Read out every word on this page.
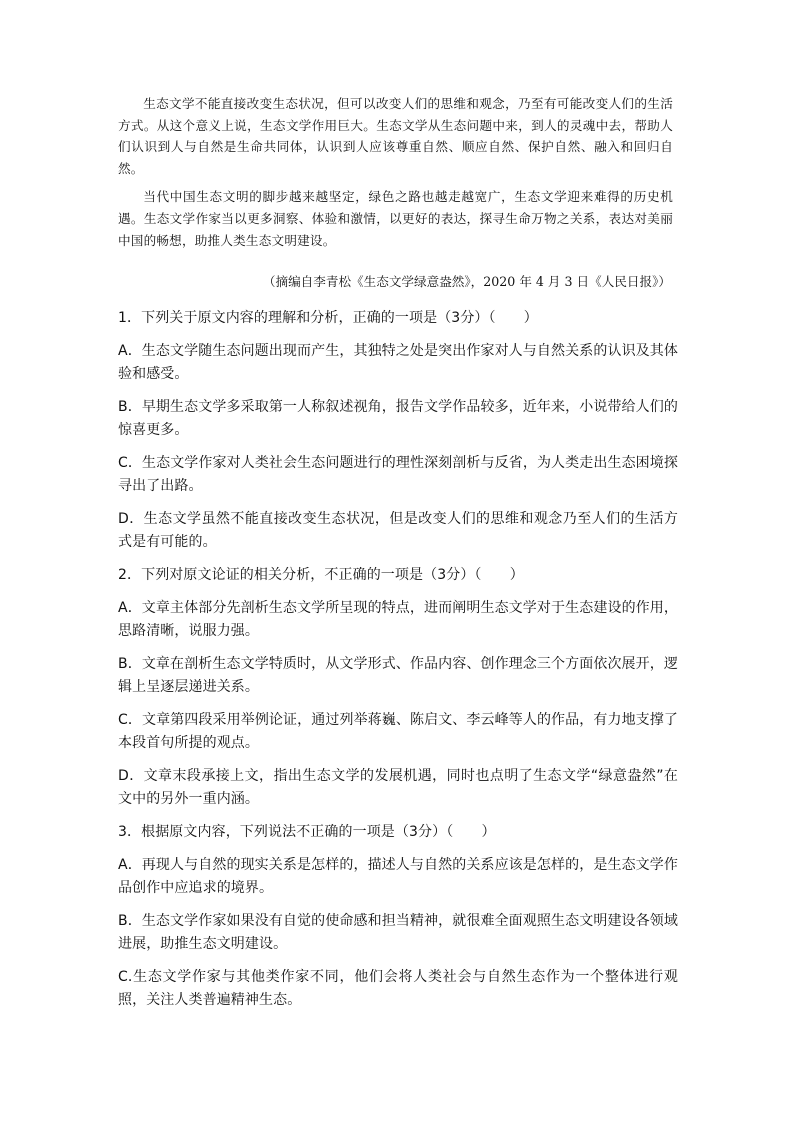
生态文学不能直接改变生态状况，但可以改变人们的思维和观念，乃至有可能改变人们的生活方式。从这个意义上说，生态文学作用巨大。生态文学从生态问题中来，到人的灵魂中去，帮助人们认识到人与自然是生命共同体，认识到人应该尊重自然、顺应自然、保护自然、融入和回归自然。

当代中国生态文明的脚步越来越坚定，绿色之路也越走越宽广，生态文学迎来难得的历史机遇。生态文学作家当以更多洞察、体验和激情，以更好的表达，探寻生命万物之关系，表达对美丽中国的畅想，助推人类生态文明建设。

（摘编自李青松《生态文学绿意盎然》，2020 年 4 月 3 日《人民日报》）

1．下列关于原文内容的理解和分析，正确的一项是（3分）（　　）

A．生态文学随生态问题出现而产生，其独特之处是突出作家对人与自然关系的认识及其体验和感受。

B．早期生态文学多采取第一人称叙述视角，报告文学作品较多，近年来，小说带给人们的惊喜更多。

C．生态文学作家对人类社会生态问题进行的理性深刻剖析与反省，为人类走出生态困境探寻出了出路。

D．生态文学虽然不能直接改变生态状况，但是改变人们的思维和观念乃至人们的生活方式是有可能的。

2．下列对原文论证的相关分析，不正确的一项是（3分）（　　）

A．文章主体部分先剖析生态文学所呈现的特点，进而阐明生态文学对于生态建设的作用，思路清晰，说服力强。

B．文章在剖析生态文学特质时，从文学形式、作品内容、创作理念三个方面依次展开，逻辑上呈逐层递进关系。

C．文章第四段采用举例论证，通过列举蒋巍、陈启文、李云峰等人的作品，有力地支撑了本段首句所提的观点。

D．文章末段承接上文，指出生态文学的发展机遇，同时也点明了生态文学“绿意盎然”在文中的另外一重内涵。

3．根据原文内容，下列说法不正确的一项是（3分）（　　）

A．再现人与自然的现实关系是怎样的，描述人与自然的关系应该是怎样的，是生态文学作品创作中应追求的境界。

B．生态文学作家如果没有自觉的使命感和担当精神，就很难全面观照生态文明建设各领域进展，助推生态文明建设。

C.生态文学作家与其他类作家不同，他们会将人类社会与自然生态作为一个整体进行观照，关注人类普遍精神生态。
